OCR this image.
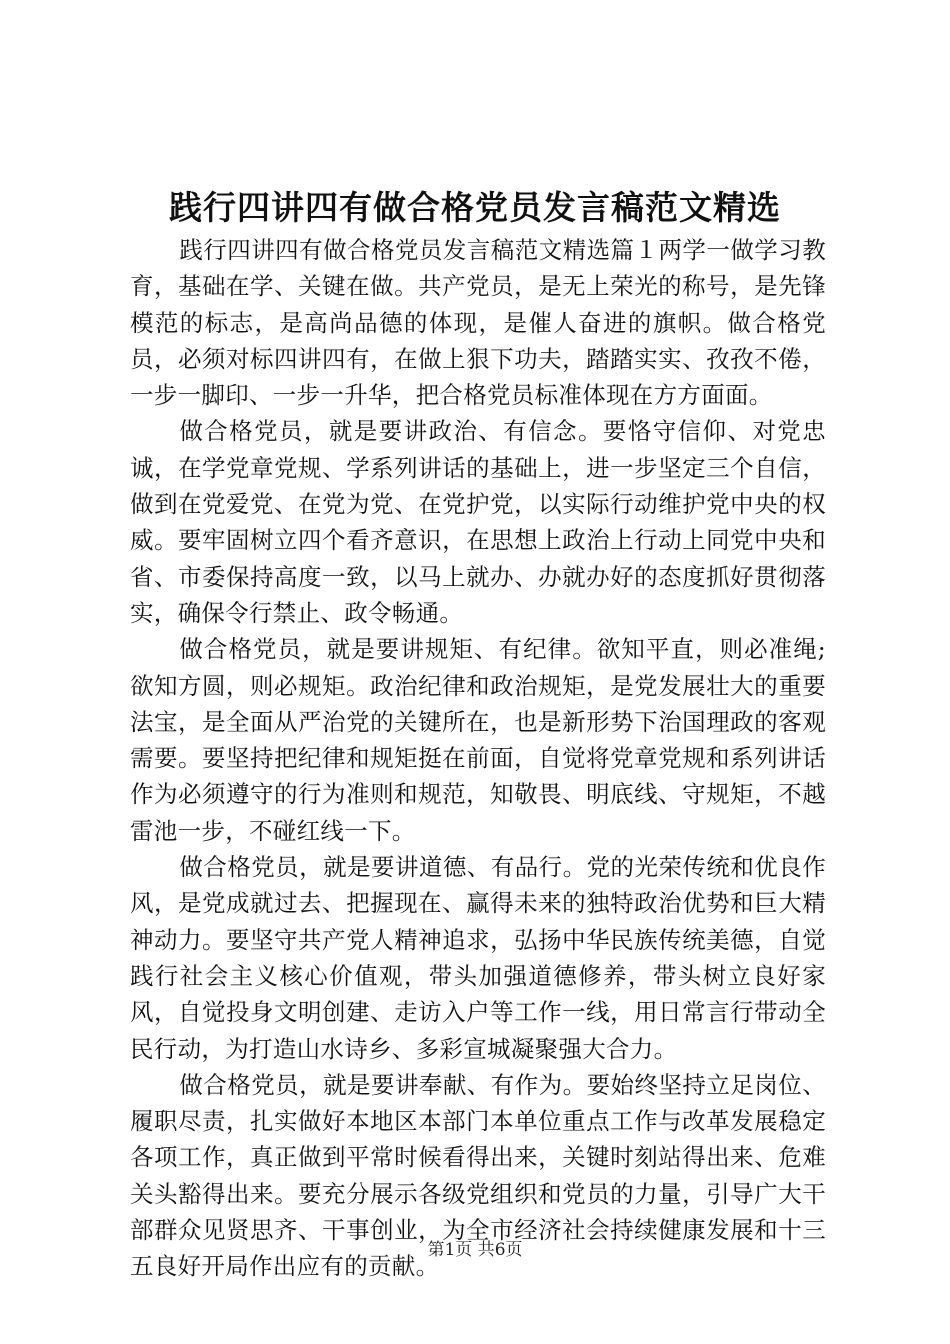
践行四讲四有做合格党员发言稿范文精选

践行四讲四有做合格党员发言稿范文精选篇１两学一做学习教育，基础在学、关键在做。共产党员，是无上荣光的称号，是先锋模范的标志，是高尚品德的体现，是催人奋进的旗帜。做合格党员，必须对标四讲四有，在做上狠下功夫，踏踏实实、孜孜不倦，一步一脚印、一步一升华，把合格党员标准体现在方方面面。

做合格党员，就是要讲政治、有信念。要恪守信仰、对党忠诚，在学党章党规、学系列讲话的基础上，进一步坚定三个自信，做到在党爱党、在党为党、在党护党，以实际行动维护党中央的权威。要牢固树立四个看齐意识，在思想上政治上行动上同党中央和省、市委保持高度一致，以马上就办、办就办好的态度抓好贯彻落实，确保令行禁止、政令畅通。

做合格党员，就是要讲规矩、有纪律。欲知平直，则必准绳;欲知方圆，则必规矩。政治纪律和政治规矩，是党发展壮大的重要法宝，是全面从严治党的关键所在，也是新形势下治国理政的客观需要。要坚持把纪律和规矩挺在前面，自觉将党章党规和系列讲话作为必须遵守的行为准则和规范，知敬畏、明底线、守规矩，不越雷池一步，不碰红线一下。

做合格党员，就是要讲道德、有品行。党的光荣传统和优良作风，是党成就过去、把握现在、赢得未来的独特政治优势和巨大精神动力。要坚守共产党人精神追求，弘扬中华民族传统美德，自觉践行社会主义核心价值观，带头加强道德修养，带头树立良好家风，自觉投身文明创建、走访入户等工作一线，用日常言行带动全民行动，为打造山水诗乡、多彩宣城凝聚强大合力。

做合格党员，就是要讲奉献、有作为。要始终坚持立足岗位、履职尽责，扎实做好本地区本部门本单位重点工作与改革发展稳定各项工作，真正做到平常时候看得出来，关键时刻站得出来、危难关头豁得出来。要充分展示各级党组织和党员的力量，引导广大干部群众见贤思齐、干事创业，为全市经济社会持续健康发展和十三五良好开局作出应有的贡献。

第1页 共6页
